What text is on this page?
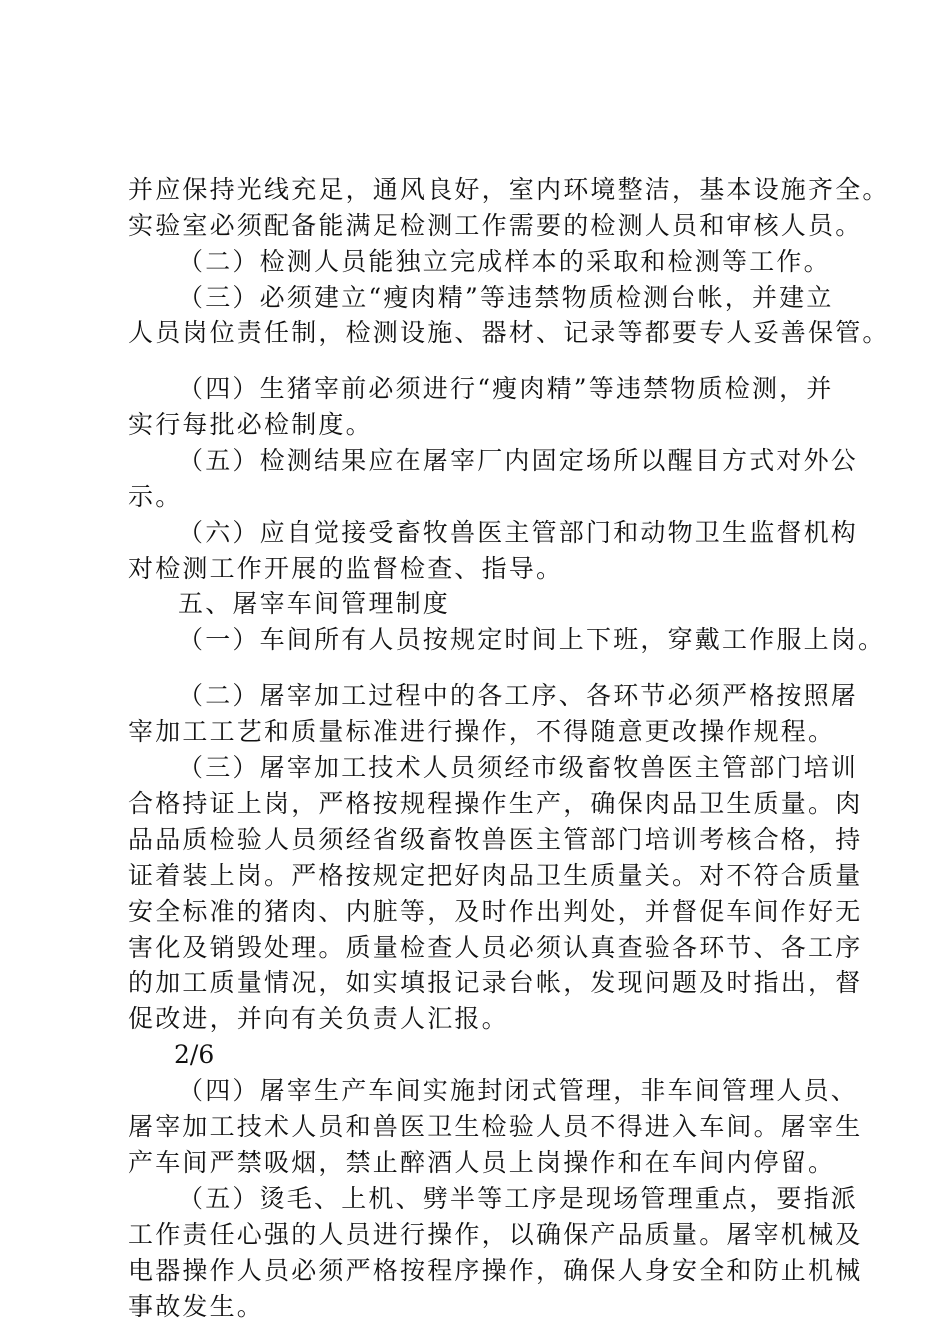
并应保持光线充足，通风良好，室内环境整洁，基本设施齐全。
实验室必须配备能满足检测工作需要的检测人员和审核人员。
（二）检测人员能独立完成样本的采取和检测等工作。
（三）必须建立“瘦肉精”等违禁物质检测台帐，并建立
人员岗位责任制，检测设施、器材、记录等都要专人妥善保管。
（四）生猪宰前必须进行“瘦肉精”等违禁物质检测，并
实行每批必检制度。
（五）检测结果应在屠宰厂内固定场所以醒目方式对外公
示。
（六）应自觉接受畜牧兽医主管部门和动物卫生监督机构
对检测工作开展的监督检查、指导。
五、屠宰车间管理制度
（一）车间所有人员按规定时间上下班，穿戴工作服上岗。
（二）屠宰加工过程中的各工序、各环节必须严格按照屠
宰加工工艺和质量标准进行操作，不得随意更改操作规程。
（三）屠宰加工技术人员须经市级畜牧兽医主管部门培训
合格持证上岗，严格按规程操作生产，确保肉品卫生质量。肉
品品质检验人员须经省级畜牧兽医主管部门培训考核合格，持
证着装上岗。严格按规定把好肉品卫生质量关。对不符合质量
安全标准的猪肉、内脏等，及时作出判处，并督促车间作好无
害化及销毁处理。质量检查人员必须认真查验各环节、各工序
的加工质量情况，如实填报记录台帐，发现问题及时指出，督
促改进，并向有关负责人汇报。
2/6
（四）屠宰生产车间实施封闭式管理，非车间管理人员、
屠宰加工技术人员和兽医卫生检验人员不得进入车间。屠宰生
产车间严禁吸烟，禁止醉酒人员上岗操作和在车间内停留。
（五）烫毛、上机、劈半等工序是现场管理重点，要指派
工作责任心强的人员进行操作，以确保产品质量。屠宰机械及
电器操作人员必须严格按程序操作，确保人身安全和防止机械
事故发生。
